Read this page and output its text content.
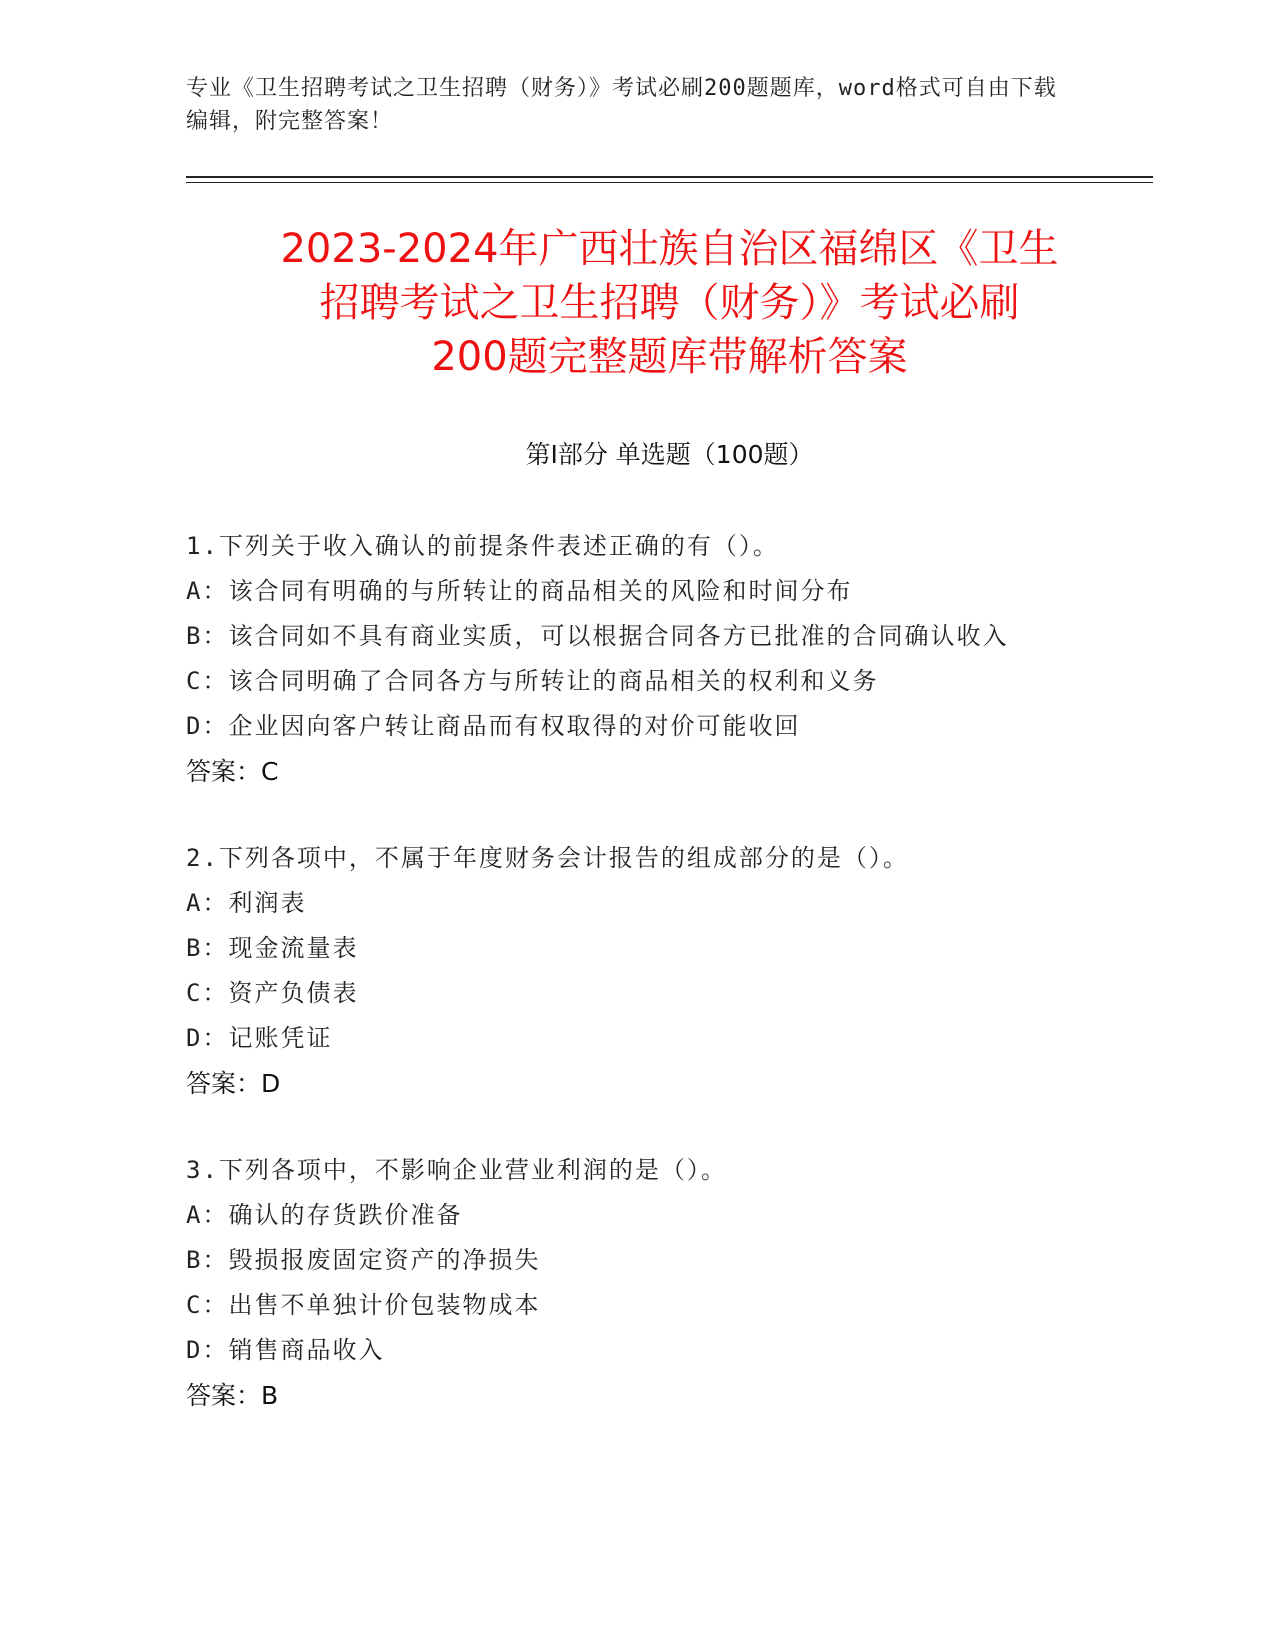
专业《卫生招聘考试之卫生招聘（财务）》考试必刷200题题库，word格式可自由下载编辑，附完整答案！
2023-2024年广西壮族自治区福绵区《卫生
招聘考试之卫生招聘（财务）》考试必刷
200题完整题库带解析答案
第Ⅰ部分 单选题（100题）
1.下列关于收入确认的前提条件表述正确的有（）。
A：该合同有明确的与所转让的商品相关的风险和时间分布
B：该合同如不具有商业实质，可以根据合同各方已批准的合同确认收入
C：该合同明确了合同各方与所转让的商品相关的权利和义务
D：企业因向客户转让商品而有权取得的对价可能收回
答案：C
2.下列各项中，不属于年度财务会计报告的组成部分的是（）。
A：利润表
B：现金流量表
C：资产负债表
D：记账凭证
答案：D
3.下列各项中，不影响企业营业利润的是（）。
A：确认的存货跌价准备
B：毁损报废固定资产的净损失
C：出售不单独计价包装物成本
D：销售商品收入
答案：B
